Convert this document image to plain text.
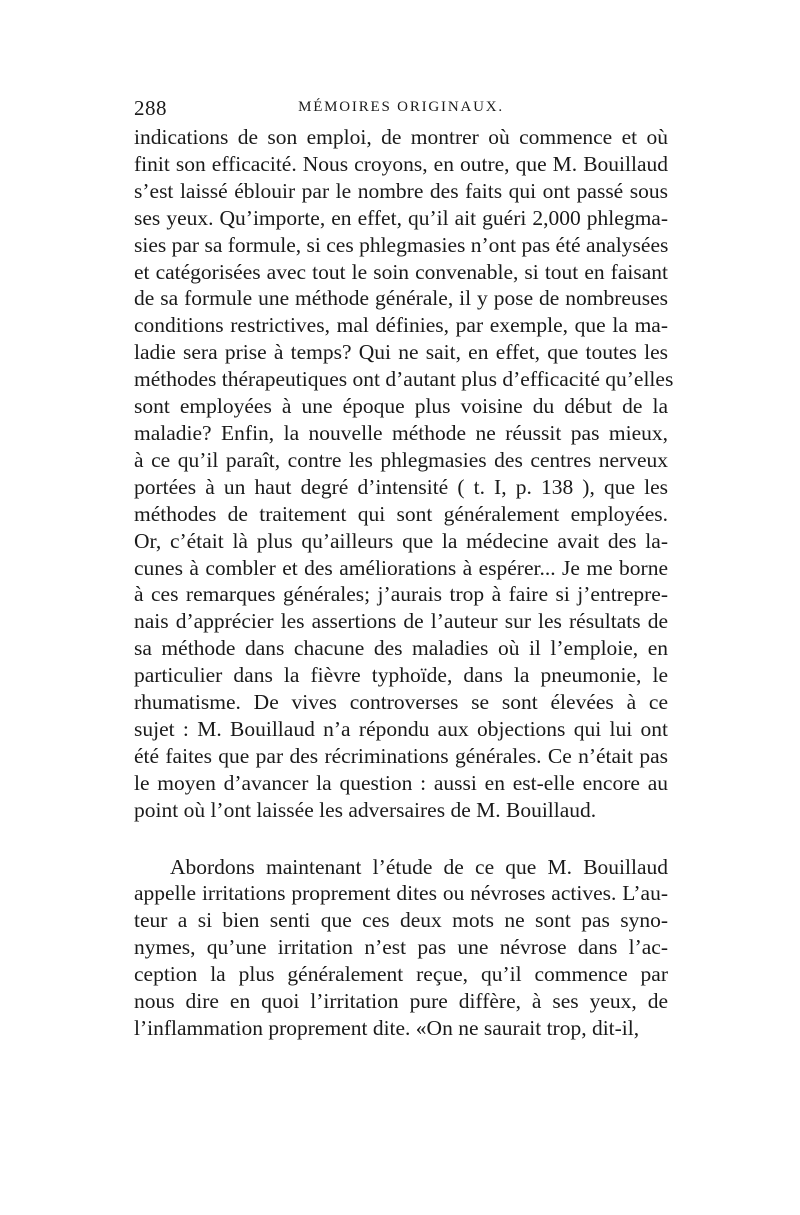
288	MÉMOIRES ORIGINAUX.
indications de son emploi, de montrer où commence et où
finit son efficacité. Nous croyons, en outre, que M. Bouillaud
s’est laissé éblouir par le nombre des faits qui ont passé sous
ses yeux. Qu’importe, en effet, qu’il ait guéri 2,000 phlegma-
sies par sa formule, si ces phlegmasies n’ont pas été analysées
et catégorisées avec tout le soin convenable, si tout en faisant
de sa formule une méthode générale, il y pose de nombreuses
conditions restrictives, mal définies, par exemple, que la ma-
ladie sera prise à temps? Qui ne sait, en effet, que toutes les
méthodes thérapeutiques ont d’autant plus d’efficacité qu’elles
sont employées à une époque plus voisine du début de la
maladie? Enfin, la nouvelle méthode ne réussit pas mieux,
à ce qu’il paraît, contre les phlegmasies des centres nerveux
portées à un haut degré d’intensité ( t. I, p. 138 ), que les
méthodes de traitement qui sont généralement employées.
Or, c’était là plus qu’ailleurs que la médecine avait des la-
cunes à combler et des améliorations à espérer... Je me borne
à ces remarques générales; j’aurais trop à faire si j’entrepre-
nais d’apprécier les assertions de l’auteur sur les résultats de
sa méthode dans chacune des maladies où il l’emploie, en
particulier dans la fièvre typhoïde, dans la pneumonie, le
rhumatisme. De vives controverses se sont élevées à ce
sujet : M. Bouillaud n’a répondu aux objections qui lui ont
été faites que par des récriminations générales. Ce n’était pas
le moyen d’avancer la question : aussi en est-elle encore au
point où l’ont laissée les adversaires de M. Bouillaud.
Abordons maintenant l’étude de ce que M. Bouillaud
appelle irritations proprement dites ou névroses actives. L’au-
teur a si bien senti que ces deux mots ne sont pas syno-
nymes, qu’une irritation n’est pas une névrose dans l’ac-
ception la plus généralement reçue, qu’il commence par
nous dire en quoi l’irritation pure diffère, à ses yeux, de
l’inflammation proprement dite. «On ne saurait trop, dit-il,
